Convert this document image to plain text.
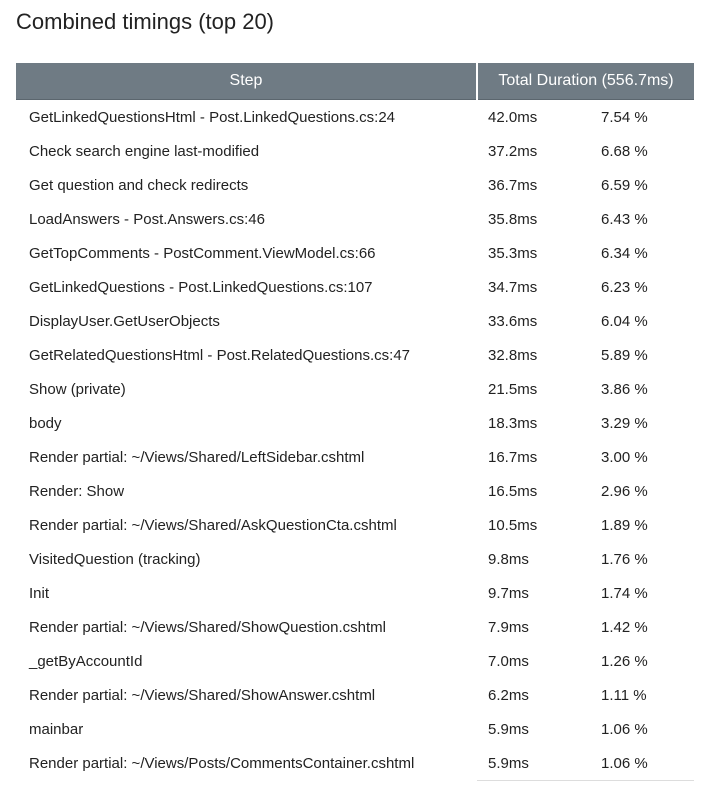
Combined timings (top 20)
Step	Total Duration (556.7ms)	
GetLinkedQuestionsHtml - Post.LinkedQuestions.cs:24	42.0ms	7.54 %
Check search engine last-modified	37.2ms	6.68 %
Get question and check redirects	36.7ms	6.59 %
LoadAnswers - Post.Answers.cs:46	35.8ms	6.43 %
GetTopComments - PostComment.ViewModel.cs:66	35.3ms	6.34 %
GetLinkedQuestions - Post.LinkedQuestions.cs:107	34.7ms	6.23 %
DisplayUser.GetUserObjects	33.6ms	6.04 %
GetRelatedQuestionsHtml - Post.RelatedQuestions.cs:47	32.8ms	5.89 %
Show (private)	21.5ms	3.86 %
body	18.3ms	3.29 %
Render partial: ~/Views/Shared/LeftSidebar.cshtml	16.7ms	3.00 %
Render: Show	16.5ms	2.96 %
Render partial: ~/Views/Shared/AskQuestionCta.cshtml	10.5ms	1.89 %
VisitedQuestion (tracking)	9.8ms	1.76 %
Init	9.7ms	1.74 %
Render partial: ~/Views/Shared/ShowQuestion.cshtml	7.9ms	1.42 %
_getByAccountId	7.0ms	1.26 %
Render partial: ~/Views/Shared/ShowAnswer.cshtml	6.2ms	1.11 %
mainbar	5.9ms	1.06 %
Render partial: ~/Views/Posts/CommentsContainer.cshtml	5.9ms	1.06 %
